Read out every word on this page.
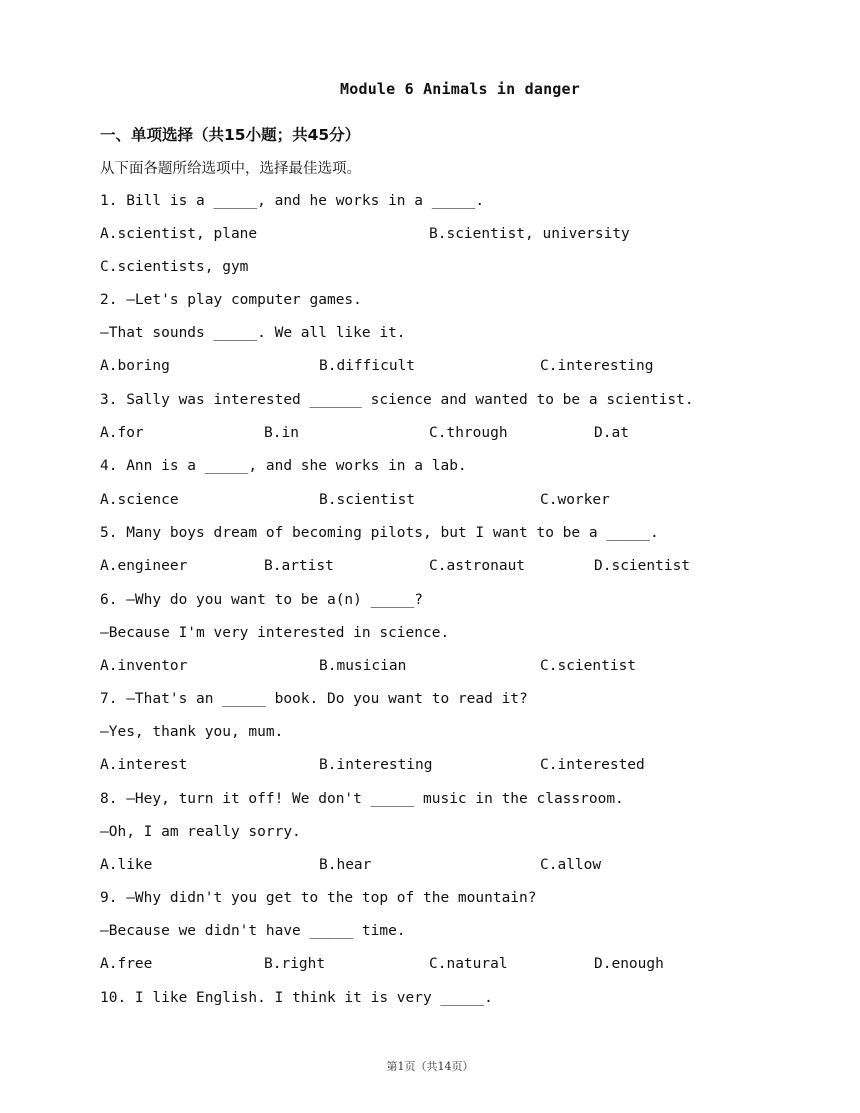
Module 6 Animals in danger
一、单项选择（共15小题；共45分）
从下面各题所给选项中，选择最佳选项。
1. Bill is a _____, and he works in a _____.
A.scientist, plane	B.scientist, university
C.scientists, gym
2. —Let's play computer games.
—That sounds _____. We all like it.
A.boring	B.difficult	C.interesting
3. Sally was interested ______ science and wanted to be a scientist.
A.for	B.in	C.through	D.at
4. Ann is a _____, and she works in a lab.
A.science	B.scientist	C.worker
5. Many boys dream of becoming pilots, but I want to be a _____.
A.engineer	B.artist	C.astronaut	D.scientist
6. —Why do you want to be a(n) _____?
—Because I'm very interested in science.
A.inventor	B.musician	C.scientist
7. —That's an _____ book. Do you want to read it?
—Yes, thank you, mum.
A.interest	B.interesting	C.interested
8. —Hey, turn it off! We don't _____ music in the classroom.
—Oh, I am really sorry.
A.like	B.hear	C.allow
9. —Why didn't you get to the top of the mountain?
—Because we didn't have _____ time.
A.free	B.right	C.natural	D.enough
10. I like English. I think it is very _____.
第1页（共14页）
